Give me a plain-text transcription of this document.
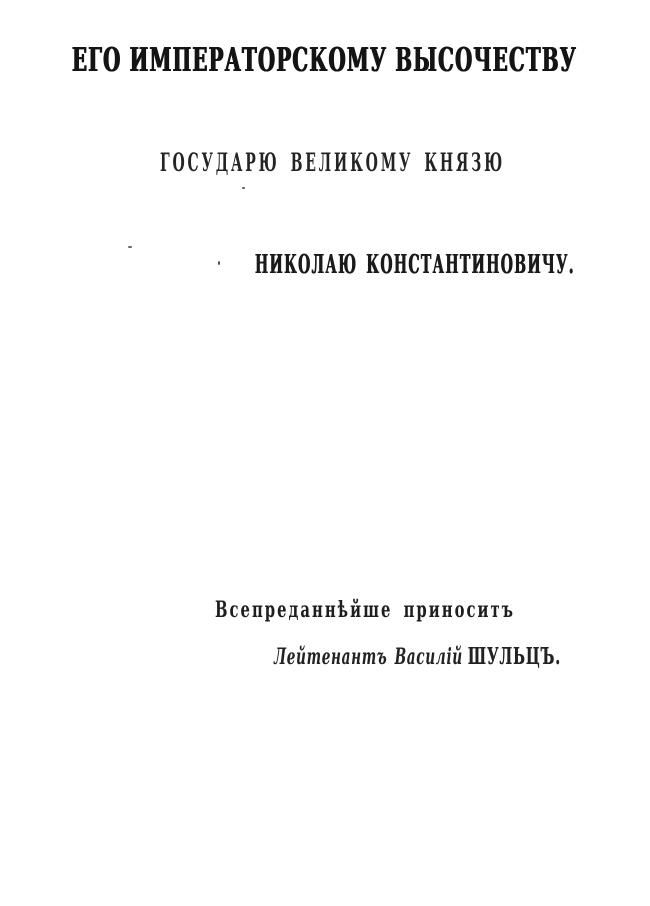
ЕГО ИМПЕРАТОРСКОМУ ВЫСОЧЕСТВУ
ГОСУДАРЮ ВЕЛИКОМУ КНЯЗЮ
НИКОЛАЮ КОНСТАНТИНОВИЧУ.
Всепреданнѣйше приноситъ
Лейтенантъ Василій ШУЛЬЦЪ.
